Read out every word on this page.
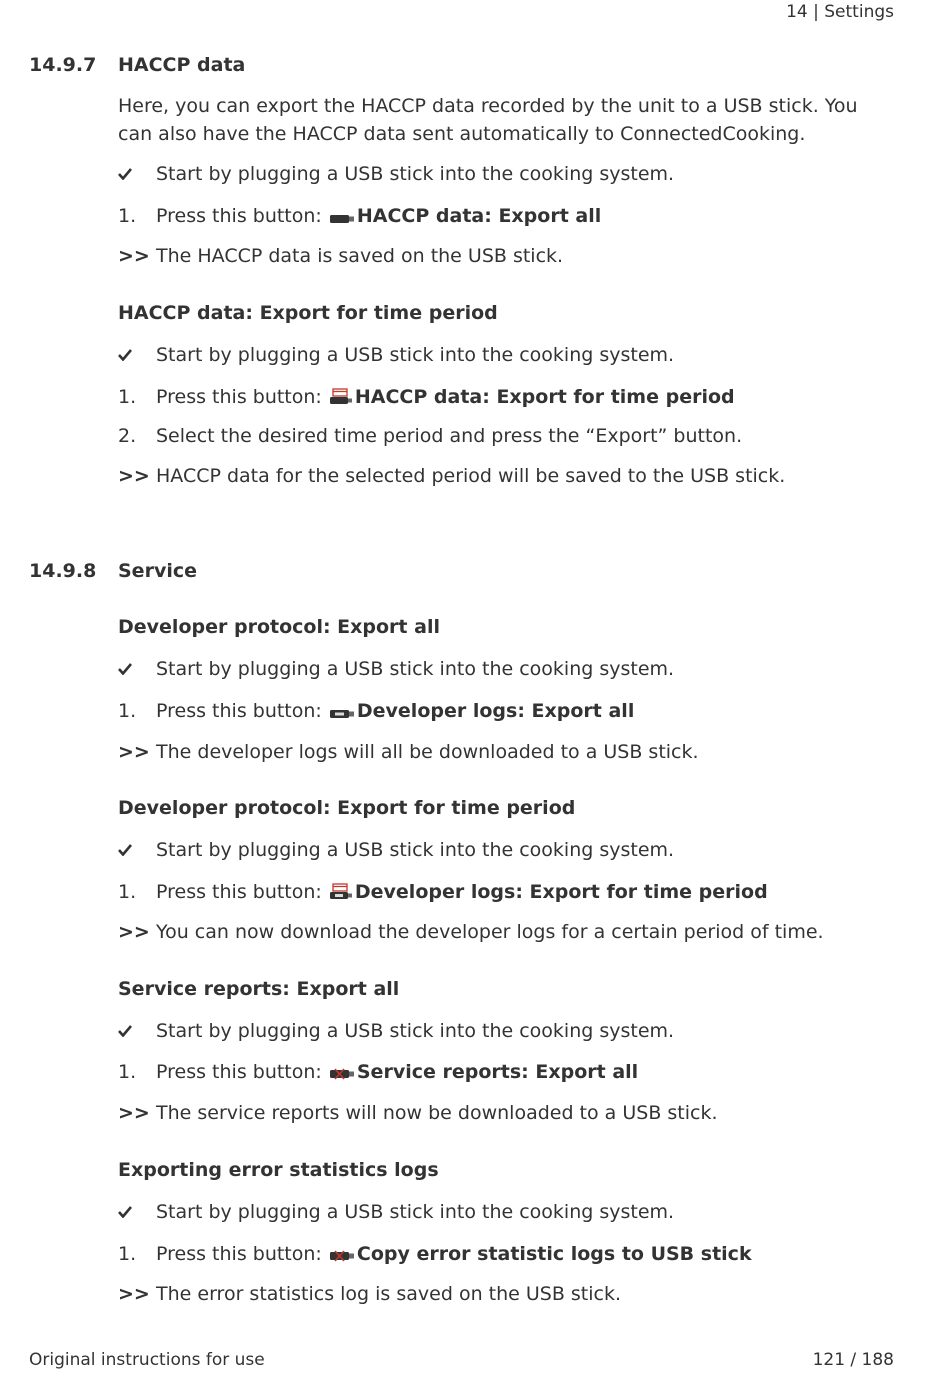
14 | Settings
14.9.7 HACCP data
Here, you can export the HACCP data recorded by the unit to a USB stick. You can also have the HACCP data sent automatically to ConnectedCooking.
Start by plugging a USB stick into the cooking system.
1.	Press this button: HACCP data: Export all
>> The HACCP data is saved on the USB stick.
HACCP data: Export for time period
Start by plugging a USB stick into the cooking system.
1.	Press this button: HACCP data: Export for time period
2.	Select the desired time period and press the “Export” button.
>> HACCP data for the selected period will be saved to the USB stick.
14.9.8 Service
Developer protocol: Export all
Start by plugging a USB stick into the cooking system.
1.	Press this button: Developer logs: Export all
>> The developer logs will all be downloaded to a USB stick.
Developer protocol: Export for time period
Start by plugging a USB stick into the cooking system.
1.	Press this button: Developer logs: Export for time period
>> You can now download the developer logs for a certain period of time.
Service reports: Export all
Start by plugging a USB stick into the cooking system.
1.	Press this button: Service reports: Export all
>> The service reports will now be downloaded to a USB stick.
Exporting error statistics logs
Start by plugging a USB stick into the cooking system.
1.	Press this button: Copy error statistic logs to USB stick
>> The error statistics log is saved on the USB stick.
Original instructions for use	121 / 188
